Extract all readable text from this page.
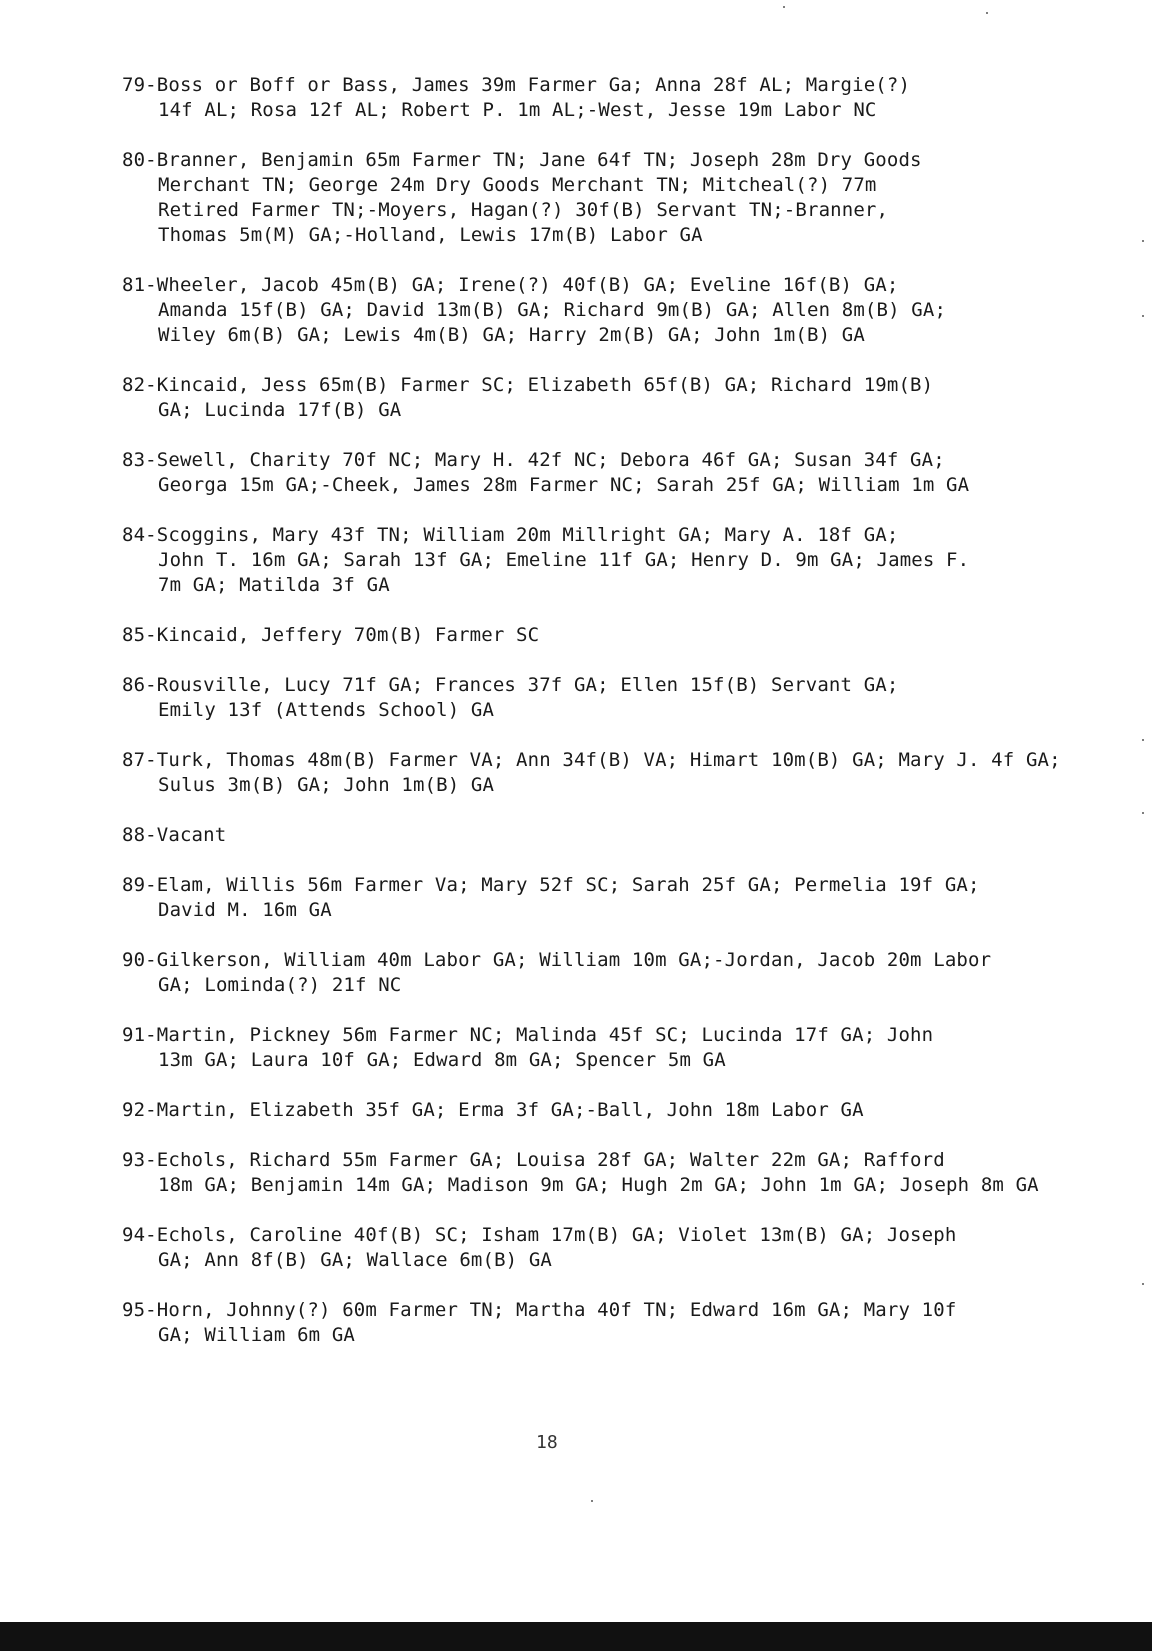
79-Boss or Boff or Bass, James 39m Farmer Ga; Anna 28f AL; Margie(?)
14f AL; Rosa 12f AL; Robert P. 1m AL;-West, Jesse 19m Labor NC
80-Branner, Benjamin 65m Farmer TN; Jane 64f TN; Joseph 28m Dry Goods
Merchant TN; George 24m Dry Goods Merchant TN; Mitcheal(?) 77m
Retired Farmer TN;-Moyers, Hagan(?) 30f(B) Servant TN;-Branner,
Thomas 5m(M) GA;-Holland, Lewis 17m(B) Labor GA
81-Wheeler, Jacob 45m(B) GA; Irene(?) 40f(B) GA; Eveline 16f(B) GA;
Amanda 15f(B) GA; David 13m(B) GA; Richard 9m(B) GA; Allen 8m(B) GA;
Wiley 6m(B) GA; Lewis 4m(B) GA; Harry 2m(B) GA; John 1m(B) GA
82-Kincaid, Jess 65m(B) Farmer SC; Elizabeth 65f(B) GA; Richard 19m(B)
GA; Lucinda 17f(B) GA
83-Sewell, Charity 70f NC; Mary H. 42f NC; Debora 46f GA; Susan 34f GA;
Georga 15m GA;-Cheek, James 28m Farmer NC; Sarah 25f GA; William 1m GA
84-Scoggins, Mary 43f TN; William 20m Millright GA; Mary A. 18f GA;
John T. 16m GA; Sarah 13f GA; Emeline 11f GA; Henry D. 9m GA; James F.
7m GA; Matilda 3f GA
85-Kincaid, Jeffery 70m(B) Farmer SC
86-Rousville, Lucy 71f GA; Frances 37f GA; Ellen 15f(B) Servant GA;
Emily 13f (Attends School) GA
87-Turk, Thomas 48m(B) Farmer VA; Ann 34f(B) VA; Himart 10m(B) GA; Mary J. 4f GA;
Sulus 3m(B) GA; John 1m(B) GA
88-Vacant
89-Elam, Willis 56m Farmer Va; Mary 52f SC; Sarah 25f GA; Permelia 19f GA;
David M. 16m GA
90-Gilkerson, William 40m Labor GA; William 10m GA;-Jordan, Jacob 20m Labor
GA; Lominda(?) 21f NC
91-Martin, Pickney 56m Farmer NC; Malinda 45f SC; Lucinda 17f GA; John
13m GA; Laura 10f GA; Edward 8m GA; Spencer 5m GA
92-Martin, Elizabeth 35f GA; Erma 3f GA;-Ball, John 18m Labor GA
93-Echols, Richard 55m Farmer GA; Louisa 28f GA; Walter 22m GA; Rafford
18m GA; Benjamin 14m GA; Madison 9m GA; Hugh 2m GA; John 1m GA; Joseph 8m GA
94-Echols, Caroline 40f(B) SC; Isham 17m(B) GA; Violet 13m(B) GA; Joseph
GA; Ann 8f(B) GA; Wallace 6m(B) GA
95-Horn, Johnny(?) 60m Farmer TN; Martha 40f TN; Edward 16m GA; Mary 10f
GA; William 6m GA
18
